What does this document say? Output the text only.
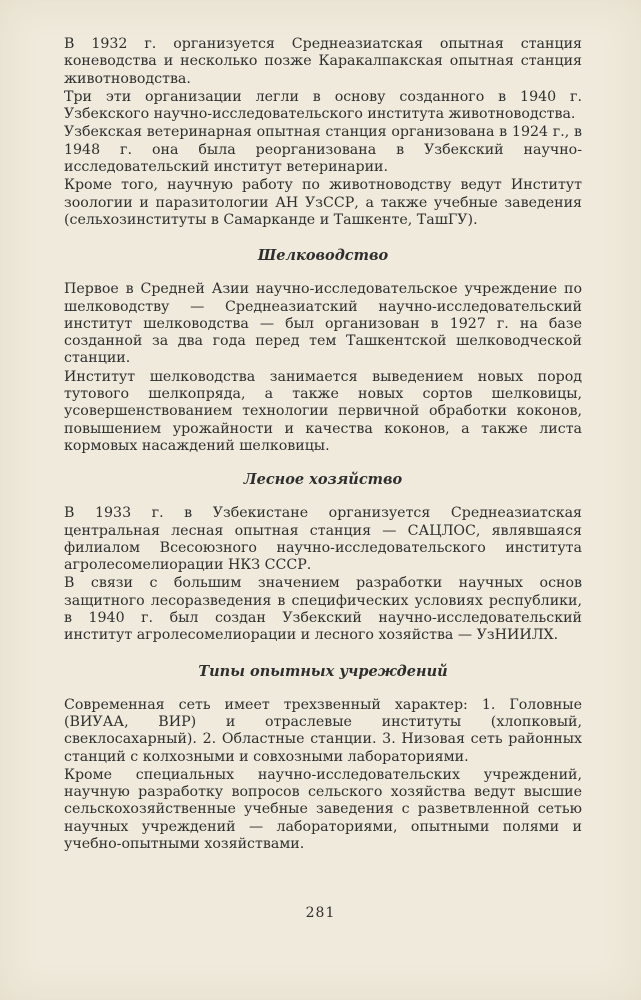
В 1932 г. организуется Среднеазиатская опытная станция коневодства и несколько позже Каракалпакская опытная станция животноводства.

Три эти организации легли в основу созданного в 1940 г. Узбекского научно-исследовательского института животноводства.

Узбекская ветеринарная опытная станция организована в 1924 г., в 1948 г. она была реорганизована в Узбекский научно-исследовательский институт ветеринарии.

Кроме того, научную работу по животноводству ведут Институт зоологии и паразитологии АН УзССР, а также учебные заведения (сельхозинституты в Самарканде и Ташкенте, ТашГУ).

Шелководство

Первое в Средней Азии научно-исследовательское учреждение по шелководству — Среднеазиатский научно-исследовательский институт шелководства — был организован в 1927 г. на базе созданной за два года перед тем Ташкентской шелководческой станции.

Институт шелководства занимается выведением новых пород тутового шелкопряда, а также новых сортов шелковицы, усовершенствованием технологии первичной обработки коконов, повышением урожайности и качества коконов, а также листа кормовых насаждений шелковицы.

Лесное хозяйство

В 1933 г. в Узбекистане организуется Среднеазиатская центральная лесная опытная станция — САЦЛОС, являвшаяся филиалом Всесоюзного научно-исследовательского института агролесомелиорации НКЗ СССР.

В связи с большим значением разработки научных основ защитного лесоразведения в специфических условиях республики, в 1940 г. был создан Узбекский научно-исследовательский институт агролесомелиорации и лесного хозяйства — УзНИИЛХ.

Типы опытных учреждений

Современная сеть имеет трехзвенный характер: 1. Головные (ВИУАА, ВИР) и отраслевые институты (хлопковый, свеклосахарный). 2. Областные станции. 3. Низовая сеть районных станций с колхозными и совхозными лабораториями.

Кроме специальных научно-исследовательских учреждений, научную разработку вопросов сельского хозяйства ведут высшие сельскохозяйственные учебные заведения с разветвленной сетью научных учреждений — лабораториями, опытными полями и учебно-опытными хозяйствами.

281
